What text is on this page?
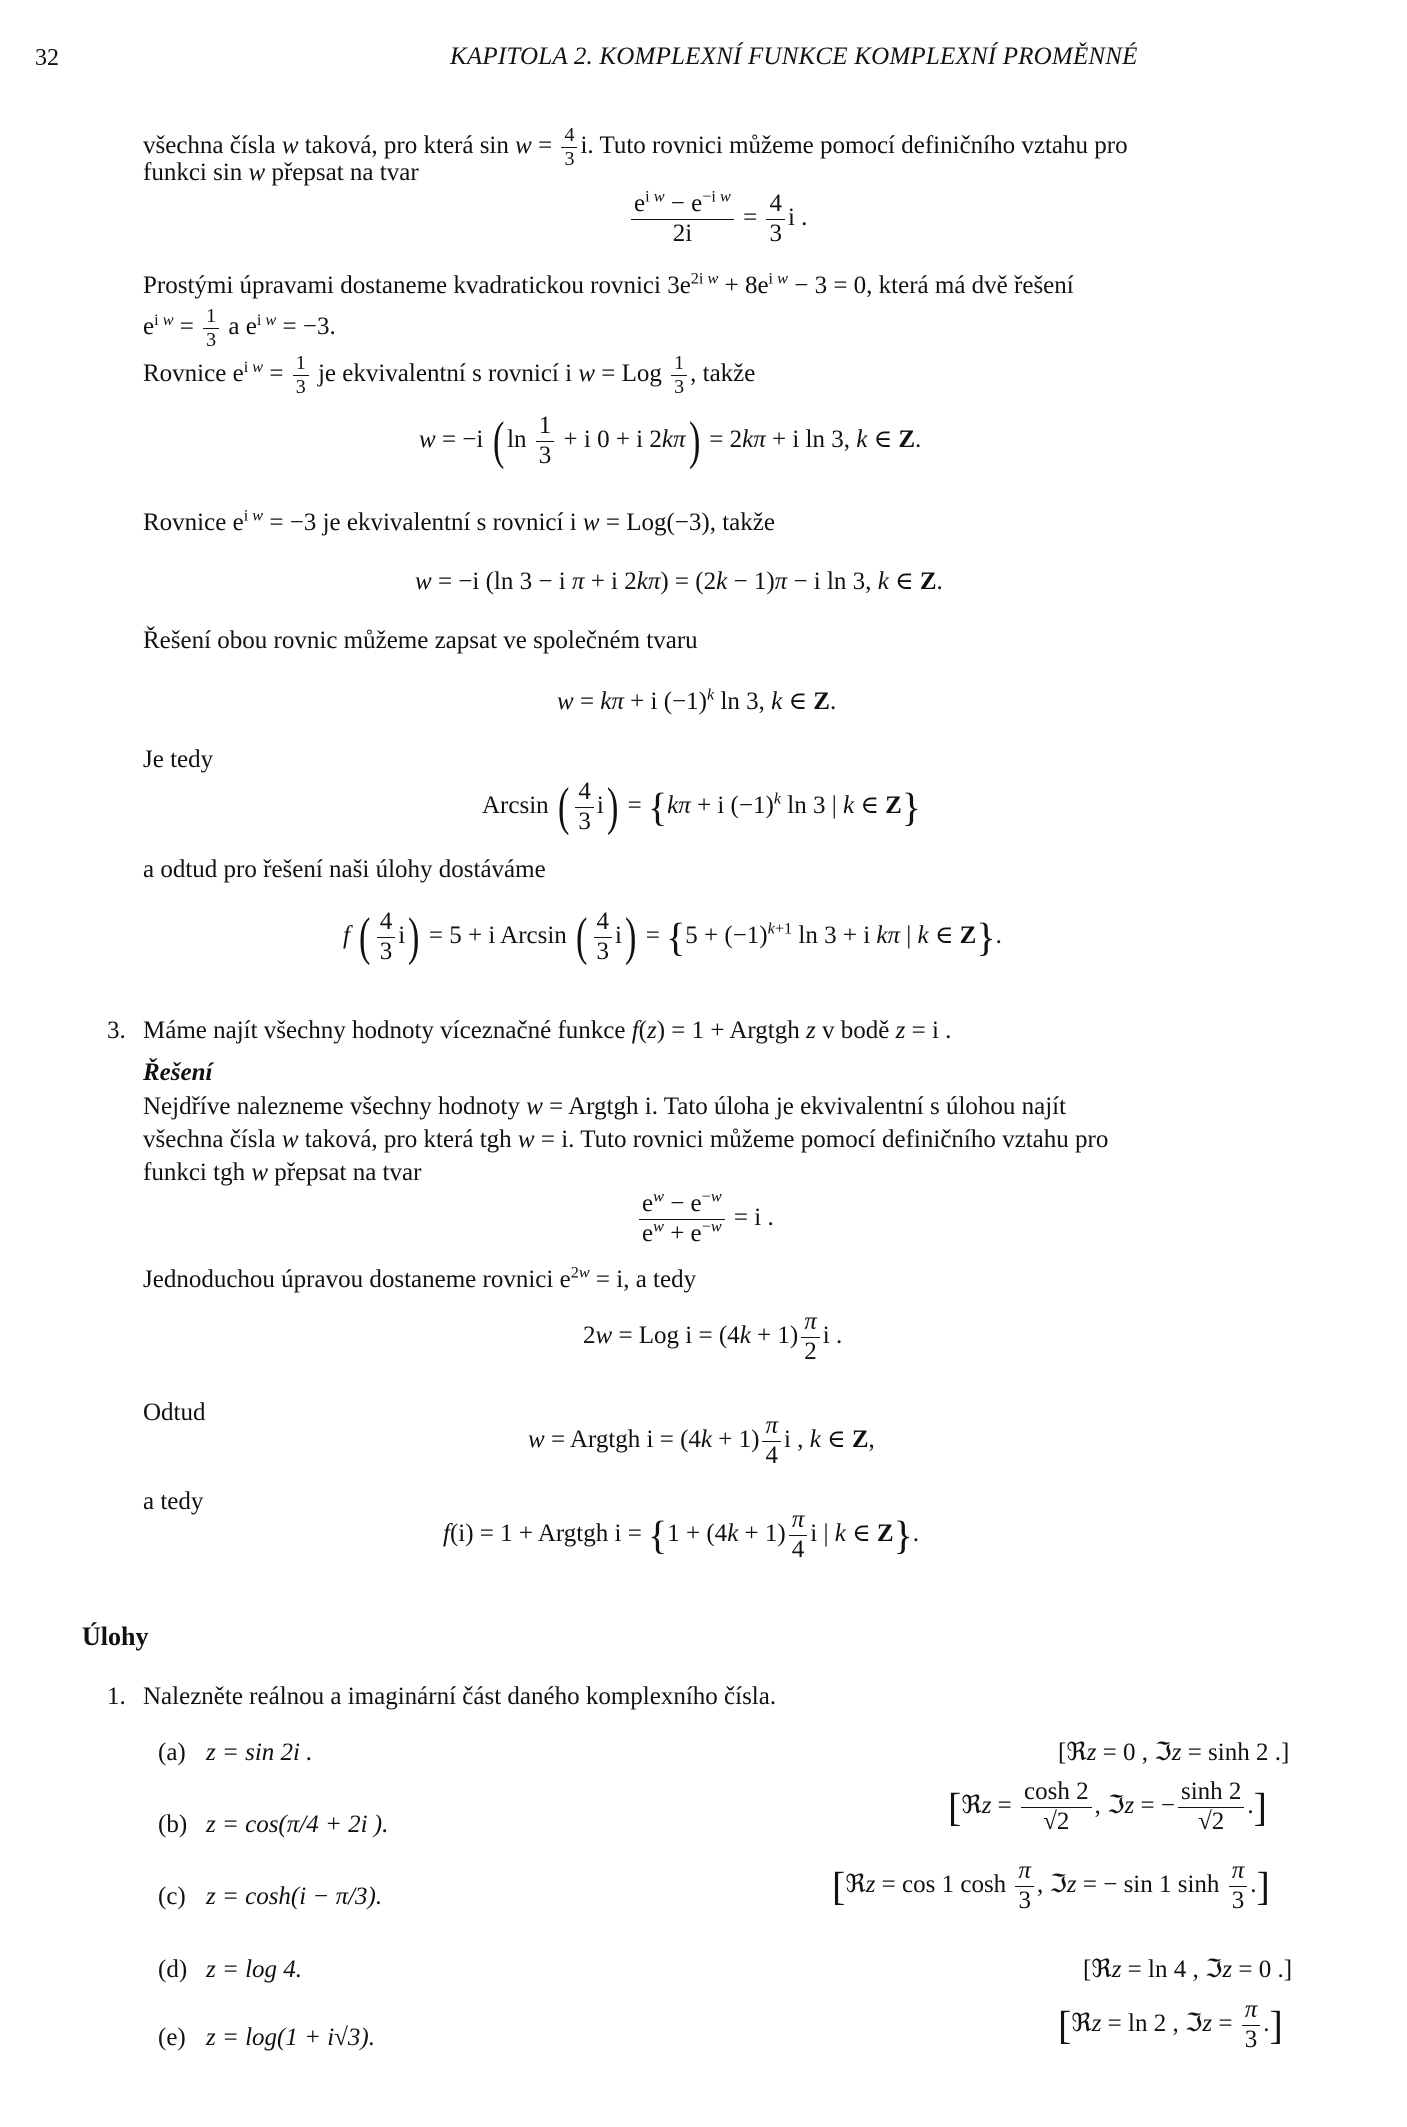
32	KAPITOLA 2. KOMPLEXNÍ FUNKCE KOMPLEXNÍ PROMĚNNÉ
všechna čísla w taková, pro která $\sin w = \frac{4}{3} i$. Tuto rovnici můžeme pomocí definičního vztahu pro
funkci sin w přepsat na tvar
$\frac{e^{i w} - e^{-i w}}{2i} = \frac{4}{3}$ i .
Prostými úpravami dostaneme kvadratickou rovnici $3e^{2i w} + 8e^{i w} - 3 = 0$, která má dvě řešení
$e^{i w} = \frac{1}{3}$ a $e^{i w} = -3$.
Rovnice $e^{i w} = \frac{1}{3}$ je ekvivalentní s rovnicí i w = Log $\frac{1}{3}$ , takže
w = −i ( $\ln \frac{1}{3} + i$ 0 + i 2kπ) = 2kπ + i ln 3, k ∈ Z.
Rovnice $e^{i w} = -3$ je ekvivalentní s rovnicí i w = Log(−3), takže
w = −i (ln 3 − i π + i 2kπ) = (2k − 1)π − i ln 3, k ∈ Z.
Řešení obou rovnic můžeme zapsat ve společném tvaru
w = kπ + i $(-1)^k$ ln 3, k ∈ Z.
Je tedy
Arcsin ( $\frac{4}{3} i) = \{k\pi + i$ $(-1)^k$ ln 3 | k ∈ Z}
a odtud pro řešení naši úlohy dostáváme
f ( $\frac{4}{3} i) = 5 + i$ Arcsin ( $\frac{4}{3} i) = \{5 + (-1)^{k+1}$ ln 3 + i kπ | k ∈ Z}.
3. Máme najít všechny hodnoty víceznačné funkce f(z) = 1 + Argtgh z v bodě z = i .
Řešení
Nejdříve nalezneme všechny hodnoty w = Argtgh i. Tato úloha je ekvivalentní s úlohou najít
všechna čísla w taková, pro která tgh w = i. Tuto rovnici můžeme pomocí definičního vztahu pro
funkci tgh w přepsat na tvar
$\frac{e^w - e^{-w}}{e^w + e^{-w}} = i$ .
Jednoduchou úpravou dostaneme rovnici $e^{2w} = i$, a tedy
2w = Log $i = (4k + 1) \frac{\pi}{2}$ i .
Odtud
w = Argtgh $i = (4k + 1) \frac{\pi}{4}$ i , k ∈ Z,
a tedy
f(i) = 1 + Argtgh $i = \{1 + (4k + 1) \frac{\pi}{4}$ i | k ∈ Z}.
Úlohy
1. Nalezněte reálnou a imaginární část daného komplexního čísla.
(a) z = sin 2i .	[ℜz = 0 , ℑz = sinh 2 .]
(b) z = cos(π/4 + 2i ).	[ℜz = $\frac{\cosh 2}{√2}$ , ℑz = − $\frac{\sinh 2}{√2}$ .]
(c) z = cosh(i − π/3).	[ℜz = cos 1 $\cosh \frac{\pi}{3}$ , ℑz = − sin 1 $\sinh \frac{\pi}{3}$ .]
(d) z = log 4.	[ℜz = ln 4 , ℑz = 0 .]
(e) z = log(1 + i√3).	[ℜz = ln 2 , ℑz = $\frac{\pi}{3}$ .]
